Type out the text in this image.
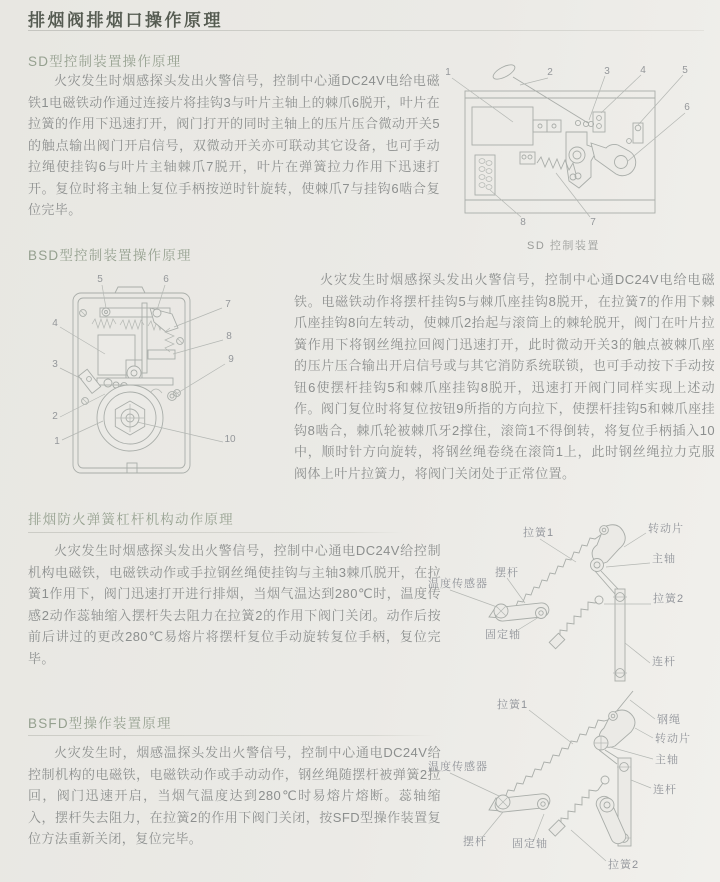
排烟阀排烟口操作原理
SD型控制装置操作原理

火灾发生时烟感探头发出火警信号，控制中心通DC24V电给电磁铁1电磁铁动作通过连接片将挂钩3与叶片主轴上的棘爪6脱开，叶片在拉簧的作用下迅速打开，阀门打开的同时主轴上的压片压合微动开关5的触点输出阀门开启信号，双微动开关亦可联动其它设备，也可手动拉绳使挂钩6与叶片主轴棘爪7脱开，叶片在弹簧拉力作用下迅速打开。复位时将主轴上复位手柄按逆时针旋转，使棘爪7与挂钩6啮合复位完毕。

1	2	3	4	5
6
7
8
SD 控制装置
BSD型控制装置操作原理

火灾发生时烟感探头发出火警信号，控制中心通DC24V电给电磁铁。电磁铁动作将摆杆挂钩5与棘爪座挂钩8脱开，在拉簧7的作用下棘爪座挂钩8向左转动，使棘爪2抬起与滚筒上的棘轮脱开，阀门在叶片拉簧作用下将钢丝绳拉回阀门迅速打开，此时微动开关3的触点被棘爪座的压片压合输出开启信号或与其它消防系统联锁，也可手动按下手动按钮6使摆杆挂钩5和棘爪座挂钩8脱开，迅速打开阀门同样实现上述动作。阀门复位时将复位按钮9所指的方向拉下，使摆杆挂钩5和棘爪座挂钩8啮合，棘爪轮被棘爪牙2撑住，滚筒1不得倒转，将复位手柄插入10中，顺时针方向旋转，将钢丝绳卷绕在滚筒1上，此时钢丝绳拉力克服阀体上叶片拉簧力，将阀门关闭处于正常位置。

1
2
3
4
5	6
7
8
9
10
排烟防火弹簧杠杆机构动作原理

火灾发生时烟感探头发出火警信号，控制中心通电DC24V给控制机构电磁铁，电磁铁动作或手拉钢丝绳使挂钩与主轴3棘爪脱开，在拉簧1作用下，阀门迅速打开进行排烟，当烟气温达到280℃时，温度传感2动作蕊轴缩入摆杆失去阻力在拉簧2的作用下阀门关闭。动作后按前后讲过的更改280℃易熔片将摆杆复位手动旋转复位手柄，复位完毕。

拉簧1	转动片
主轴
摆杆
温度传感器
固定轴
拉簧2
连杆
BSFD型操作装置原理

火灾发生时，烟感温探头发出火警信号，控制中心通电DC24V给控制机构的电磁铁，电磁铁动作或手动动作，钢丝绳随摆杆被弹簧2拉回，阀门迅速开启，当烟气温度达到280℃时易熔片熔断。蕊轴缩入，摆杆失去阻力，在拉簧2的作用下阀门关闭，按SFD型操作装置复位方法重新关闭，复位完毕。

拉簧1
钢绳
转动片
主轴
连杆
温度传感器
摆杆 固定轴
拉簧2
